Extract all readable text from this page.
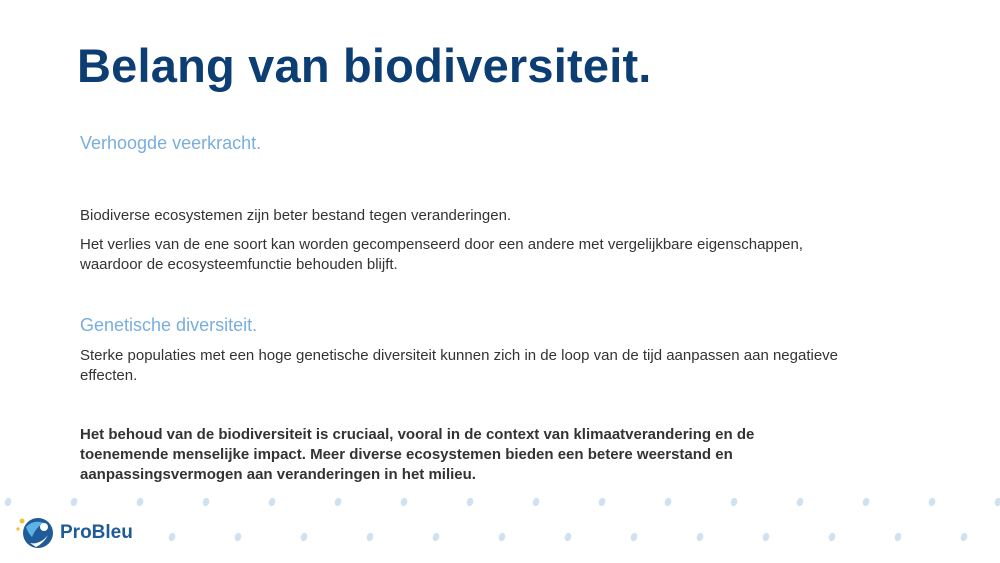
Belang van biodiversiteit.
Verhoogde veerkracht.

Biodiverse ecosystemen zijn beter bestand tegen veranderingen.

Het verlies van de ene soort kan worden gecompenseerd door een andere met vergelijkbare eigenschappen, waardoor de ecosysteemfunctie behouden blijft.

Genetische diversiteit.

Sterke populaties met een hoge genetische diversiteit kunnen zich in de loop van de tijd aanpassen aan negatieve effecten.

Het behoud van de biodiversiteit is cruciaal, vooral in de context van klimaatverandering en de toenemende menselijke impact. Meer diverse ecosystemen bieden een betere weerstand en aanpassingsvermogen aan veranderingen in het milieu.

ProBleu
